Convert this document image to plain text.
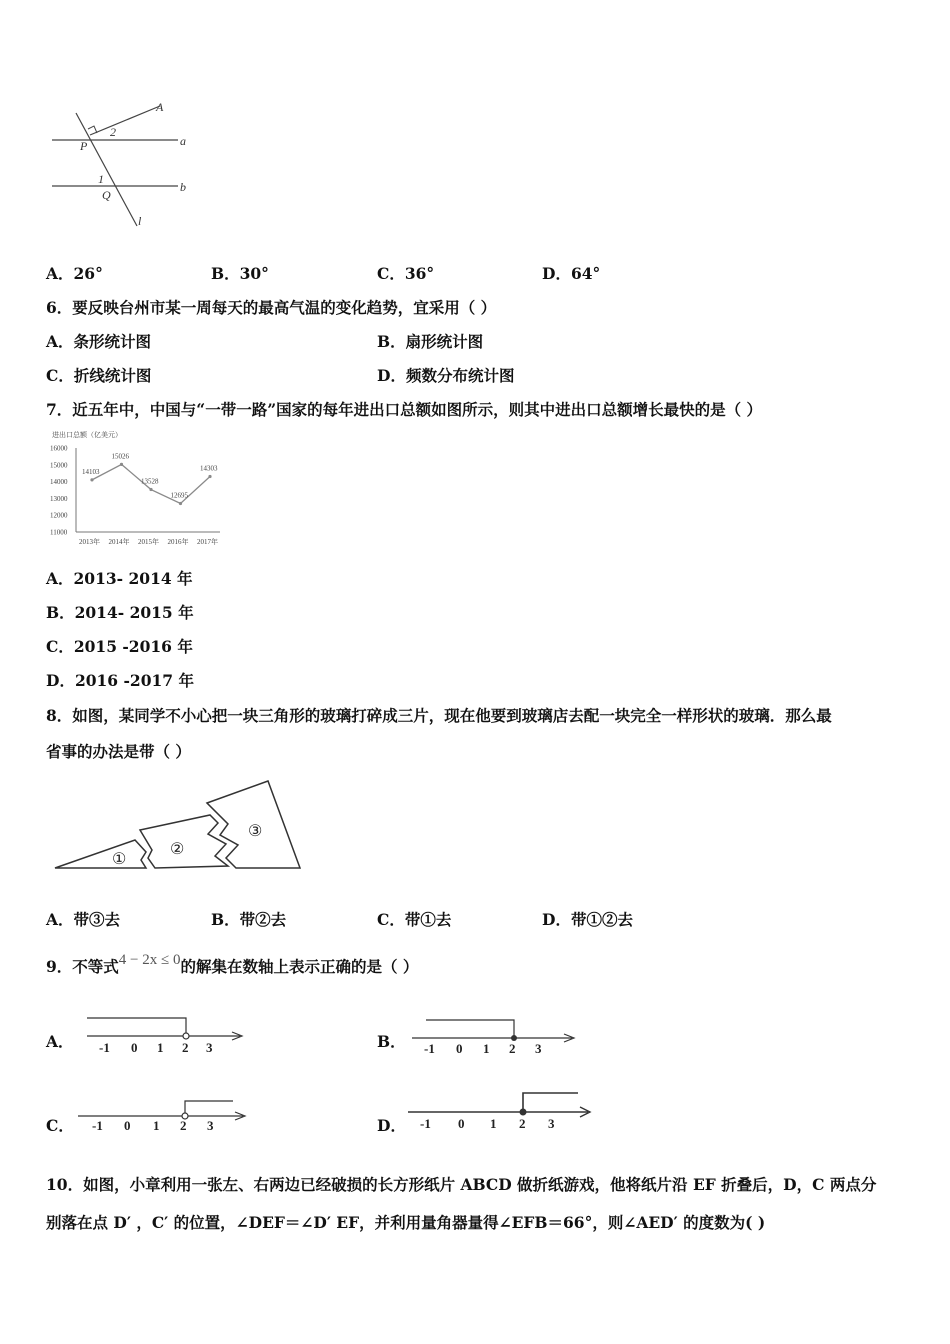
A
a
b
P
Q
l
1
2
A．26°	B．30°	C．36°	D．64°
6．要反映台州市某一周每天的最高气温的变化趋势，宜采用（ ）
A．条形统计图	B．扇形统计图
C．折线统计图	D．频数分布统计图
7．近五年中，中国与“一带一路”国家的每年进出口总额如图所示，则其中进出口总额增长最快的是（ ）
进出口总额（亿美元）
16000
15000
14000
13000
12000
11000
2013年 2014年 2015年 2016年 2017年
14103
15026
13528
12695
14303
A．2013- 2014 年
B．2014- 2015 年
C．2015 -2016 年
D．2016 -2017 年
8．如图，某同学不小心把一块三角形的玻璃打碎成三片，现在他要到玻璃店去配一块完全一样形状的玻璃．那么最
省事的办法是带（ ）
①
②
③
A．带③去	B．带②去	C．带①去	D．带①②去
9．不等式4 − 2x ≤ 0的解集在数轴上表示正确的是（ ）
A．	B．
C．	D．
-1 0 1 2 3	-1 0 1 2 3
-1 0 1 2 3	-1 0 1 2 3
10．如图，小章利用一张左、右两边已经破损的长方形纸片 ABCD 做折纸游戏，他将纸片沿 EF 折叠后，D，C 两点分
别落在点 D′ ，C′ 的位置，∠DEF＝∠D′ EF，并利用量角器量得∠EFB＝66°，则∠AED′ 的度数为( )
